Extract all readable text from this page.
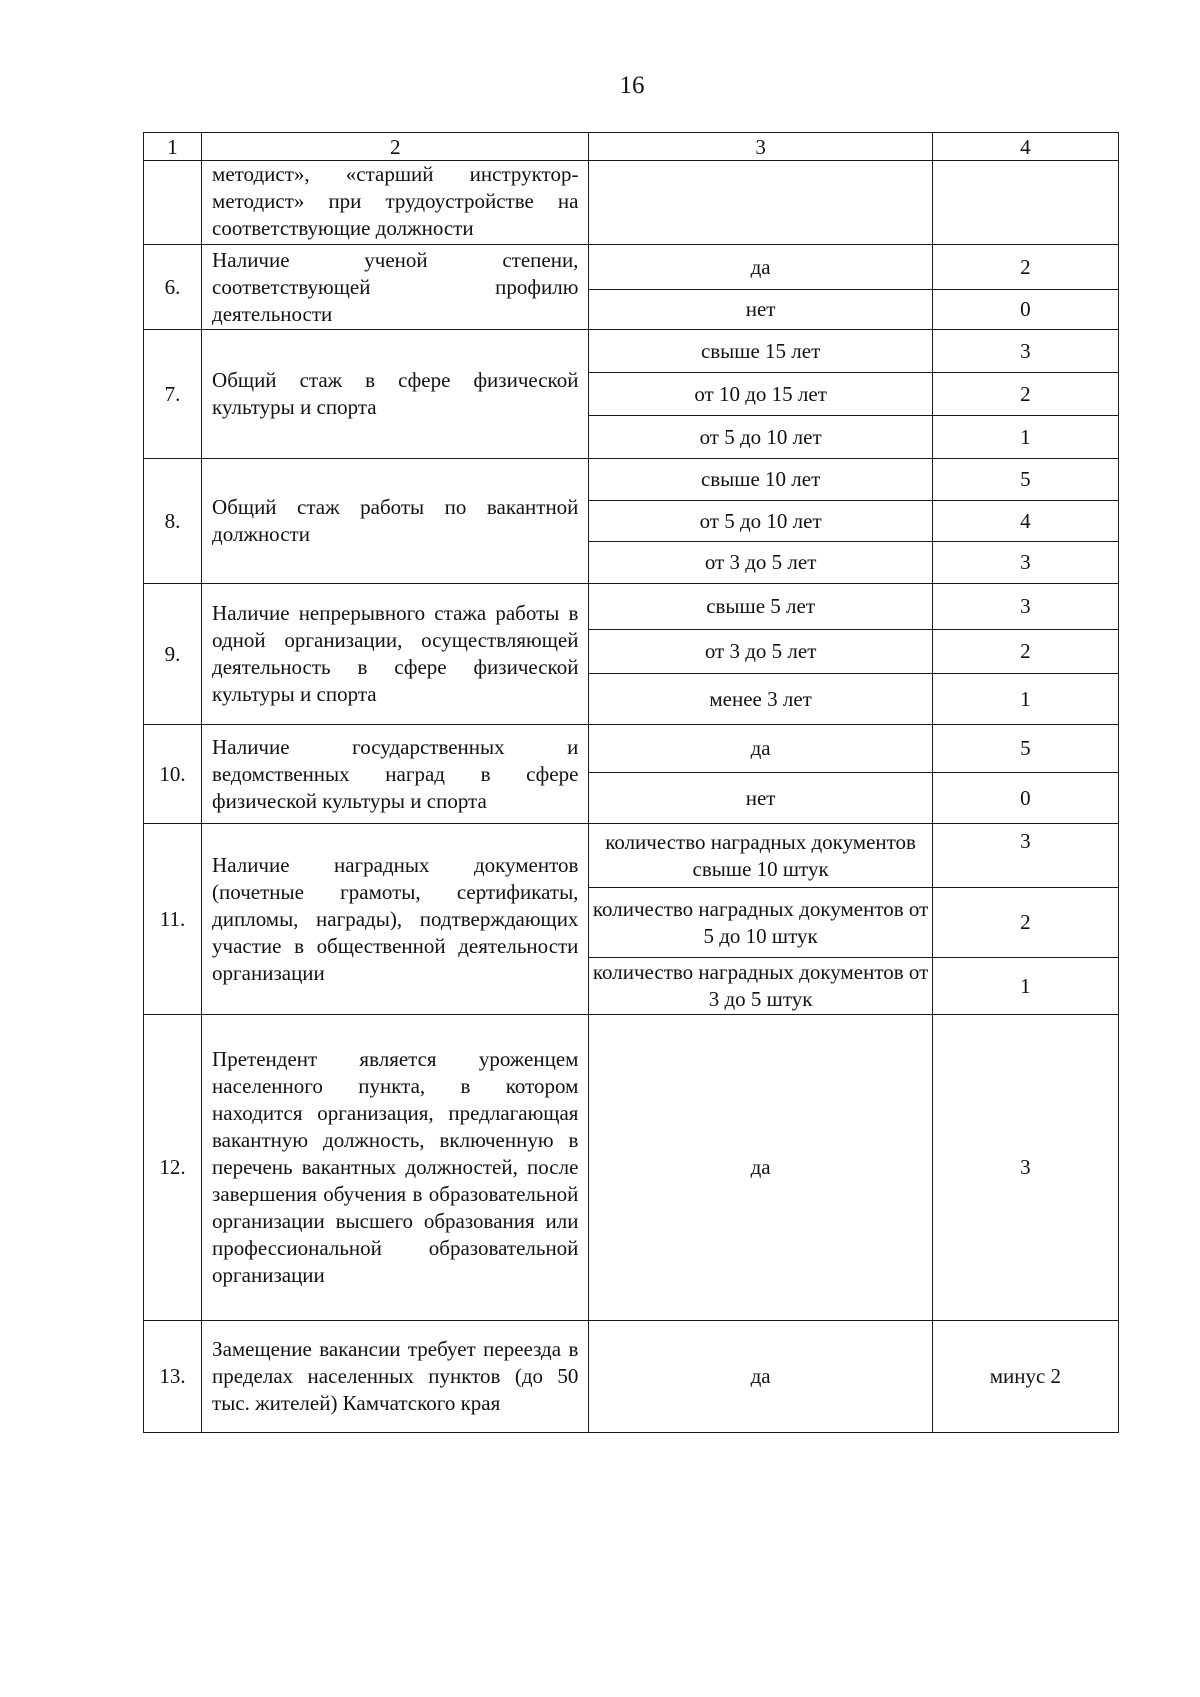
16
1	2	3	4
	методист», «старший инструктор-методист» при трудоустройстве на соответствующие должности		
6.	Наличие ученой степени, соответствующей профилю деятельности	да	2
		нет	0
7.	Общий стаж в сфере физической культуры и спорта	свыше 15 лет	3
		от 10 до 15 лет	2
		от 5 до 10 лет	1
8.	Общий стаж работы по вакантной должности	свыше 10 лет	5
		от 5 до 10 лет	4
		от 3 до 5 лет	3
9.	Наличие непрерывного стажа работы в одной организации, осуществляющей деятельность в сфере физической культуры и спорта	свыше 5 лет	3
		от 3 до 5 лет	2
		менее 3 лет	1
10.	Наличие государственных и ведомственных наград в сфере физической культуры и спорта	да	5
		нет	0
11.	Наличие наградных документов (почетные грамоты, сертификаты, дипломы, награды), подтверждающих участие в общественной деятельности организации	количество наградных документов свыше 10 штук	3
		количество наградных документов от 5 до 10 штук	2
		количество наградных документов от 3 до 5 штук	1
12.	Претендент является уроженцем населенного пункта, в котором находится организация, предлагающая вакантную должность, включенную в перечень вакантных должностей, после завершения обучения в образовательной организации высшего образования или профессиональной образовательной организации	да	3
13.	Замещение вакансии требует переезда в пределах населенных пунктов (до 50 тыс. жителей) Камчатского края	да	минус 2
